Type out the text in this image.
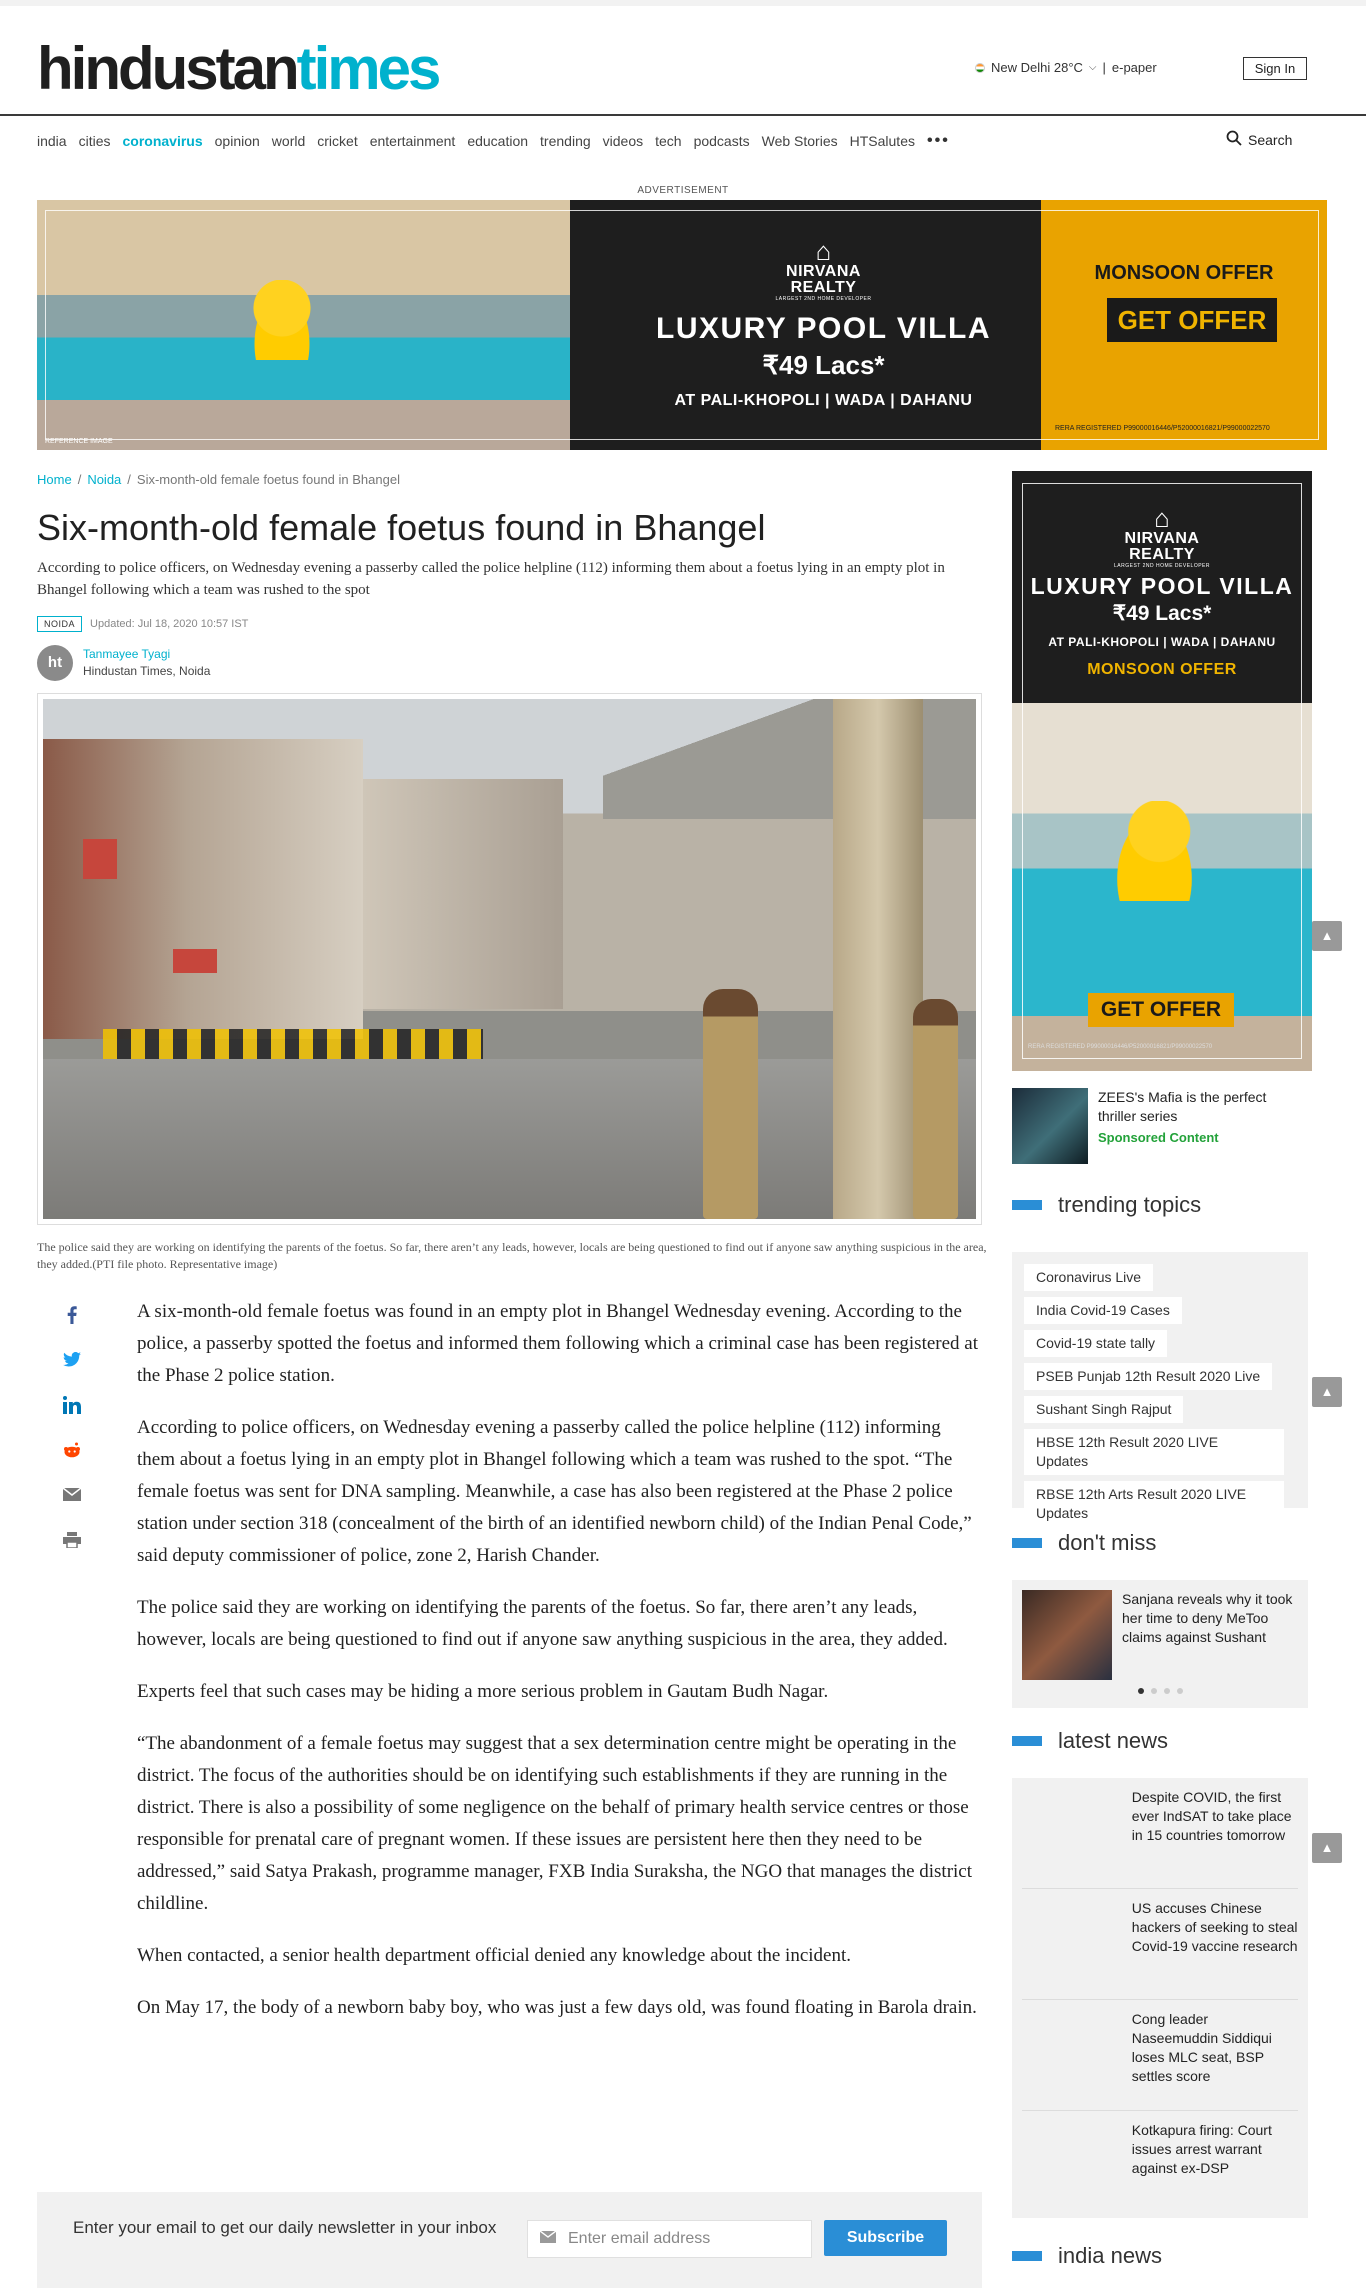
hindustantimes	New Delhi 28°C ⌵ | e-paper	Sign In
india cities coronavirus opinion world cricket entertainment education trending videos tech podcasts Web Stories HTSalutes •••	Search
ADVERTISEMENT
REFERENCE IMAGE
⌂
NIRVANA
REALTY
LARGEST 2ND HOME DEVELOPER
LUXURY POOL VILLA
₹49 Lacs*
AT PALI-KHOPOLI | WADA | DAHANU
MONSOON OFFER
GET OFFER
RERA REGISTERED P99000016446/P52000016821/P99000022570
Home / Noida / Six-month-old female foetus found in Bhangel
Six-month-old female foetus found in Bhangel
According to police officers, on Wednesday evening a passerby called the police helpline (112) informing them about a foetus lying in an empty plot in Bhangel following which a team was rushed to the spot
NOIDA	Updated: Jul 18, 2020 10:57 IST
ht	Tanmayee Tyagi
Hindustan Times, Noida
The police said they are working on identifying the parents of the foetus. So far, there aren’t any leads, however, locals are being questioned to find out if anyone saw anything suspicious in the area, they added.(PTI file photo. Representative image)

A six-month-old female foetus was found in an empty plot in Bhangel Wednesday evening. According to the police, a passerby spotted the foetus and informed them following which a criminal case has been registered at the Phase 2 police station.

According to police officers, on Wednesday evening a passerby called the police helpline (112) informing them about a foetus lying in an empty plot in Bhangel following which a team was rushed to the spot. “The female foetus was sent for DNA sampling. Meanwhile, a case has also been registered at the Phase 2 police station under section 318 (concealment of the birth of an identified newborn child) of the Indian Penal Code,” said deputy commissioner of police, zone 2, Harish Chander.

The police said they are working on identifying the parents of the foetus. So far, there aren’t any leads, however, locals are being questioned to find out if anyone saw anything suspicious in the area, they added.

Experts feel that such cases may be hiding a more serious problem in Gautam Budh Nagar.

“The abandonment of a female foetus may suggest that a sex determination centre might be operating in the district. The focus of the authorities should be on identifying such establishments if they are running in the district. There is also a possibility of some negligence on the behalf of primary health service centres or those responsible for prenatal care of pregnant women. If these issues are persistent here then they need to be addressed,” said Satya Prakash, programme manager, FXB India Suraksha, the NGO that manages the district childline.

When contacted, a senior health department official denied any knowledge about the incident.

On May 17, the body of a newborn baby boy, who was just a few days old, was found floating in Barola drain.

Enter your email to get our daily newsletter in your inbox
Enter email address	Subscribe
⌂
NIRVANA
REALTY
LARGEST 2ND HOME DEVELOPER
LUXURY POOL VILLA
₹49 Lacs*
AT PALI-KHOPOLI | WADA | DAHANU
MONSOON OFFER
GET OFFER
RERA REGISTERED P99000016446/P52000016821/P99000022570
ZEES's Mafia is the perfect thriller series
Sponsored Content
trending topics
Coronavirus Live
India Covid-19 Cases
Covid-19 state tally
PSEB Punjab 12th Result 2020 Live
Sushant Singh Rajput
HBSE 12th Result 2020 LIVE Updates
RBSE 12th Arts Result 2020 LIVE Updates
don't miss
Sanjana reveals why it took her time to deny MeToo claims against Sushant
latest news
Despite COVID, the first ever IndSAT to take place in 15 countries tomorrow
US accuses Chinese hackers of seeking to steal Covid-19 vaccine research
Cong leader Naseemuddin Siddiqui loses MLC seat, BSP settles score
Kotkapura firing: Court issues arrest warrant against ex-DSP
india news
▲
▲
▲
